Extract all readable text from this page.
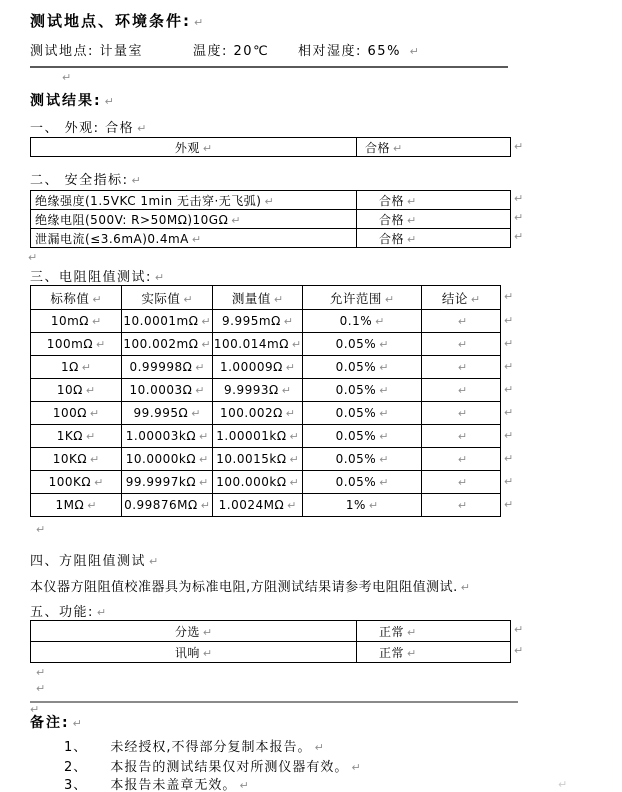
测试地点、环境条件: ↵
测试地点: 计量室	温度: 20℃ 相对湿度: 65% ↵
↵
测试结果: ↵
一、 外观: 合格 ↵
外观 ↵	合格 ↵	↵
二、 安全指标: ↵
绝缘强度(1.5VKC 1min 无击穿·无飞弧) ↵	合格 ↵
绝缘电阻(500V: R>50MΩ)10GΩ ↵	合格 ↵
泄漏电流(≤3.6mA)0.4mA ↵	合格 ↵
↵
↵
↵
↵
三、电阻阻值测试: ↵
标称值 ↵	实际值 ↵	测量值 ↵	允许范围 ↵	结论 ↵
10mΩ ↵	10.0001mΩ ↵	9.995mΩ ↵	0.1% ↵	↵
100mΩ ↵	100.002mΩ ↵	100.014mΩ ↵	0.05% ↵	↵
1Ω ↵	0.99998Ω ↵	1.00009Ω ↵	0.05% ↵	↵
10Ω ↵	10.0003Ω ↵	9.9993Ω ↵	0.05% ↵	↵
100Ω ↵	99.995Ω ↵	100.002Ω ↵	0.05% ↵	↵
1KΩ ↵	1.00003kΩ ↵	1.00001kΩ ↵	0.05% ↵	↵
10KΩ ↵	10.0000kΩ ↵	10.0015kΩ ↵	0.05% ↵	↵
100KΩ ↵	99.9997kΩ ↵	100.000kΩ ↵	0.05% ↵	↵
1MΩ ↵	0.99876MΩ ↵	1.0024MΩ ↵	1% ↵	↵
↵
↵
↵
↵
↵
↵
↵
↵
↵
↵
↵
四、方阻阻值测试 ↵
本仪器方阻阻值校准器具为标准电阻,方阻测试结果请参考电阻阻值测试. ↵
五、功能: ↵
分选 ↵	正常 ↵
讯响 ↵	正常 ↵
↵
↵
↵
↵
↵
备注: ↵
1、 未经授权,不得部分复制本报告。 ↵
2、 本报告的测试结果仅对所测仪器有效。 ↵
3、 本报告未盖章无效。 ↵	↵
